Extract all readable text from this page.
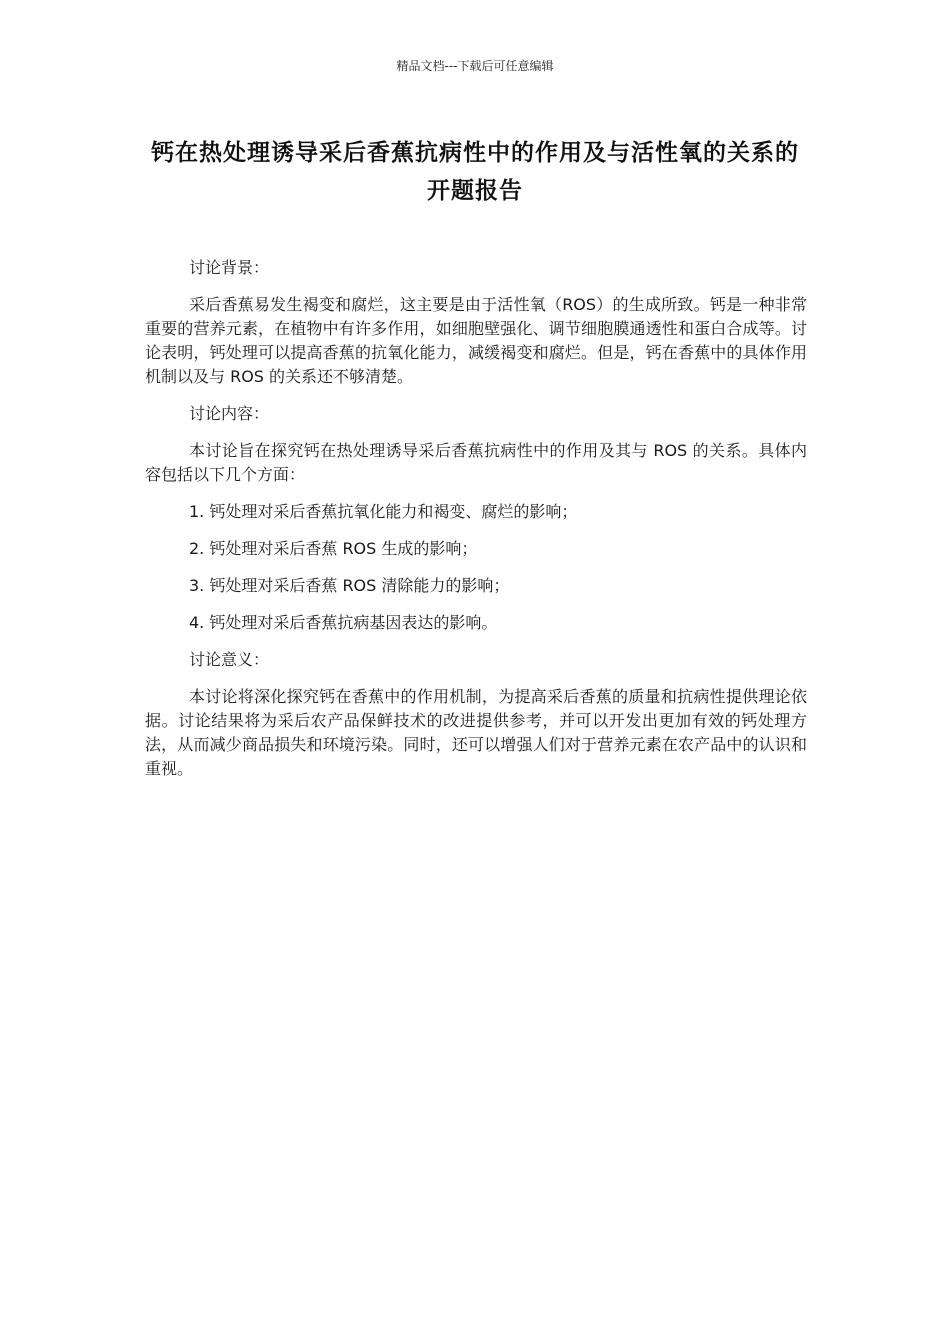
精品文档---下载后可任意编辑
钙在热处理诱导采后香蕉抗病性中的作用及与活性氧的关系的开题报告

讨论背景：

采后香蕉易发生褐变和腐烂，这主要是由于活性氧（ROS）的生成所致。钙是一种非常重要的营养元素，在植物中有许多作用，如细胞壁强化、调节细胞膜通透性和蛋白合成等。讨论表明，钙处理可以提高香蕉的抗氧化能力，减缓褐变和腐烂。但是，钙在香蕉中的具体作用机制以及与 ROS 的关系还不够清楚。

讨论内容：

本讨论旨在探究钙在热处理诱导采后香蕉抗病性中的作用及其与 ROS 的关系。具体内容包括以下几个方面：

1. 钙处理对采后香蕉抗氧化能力和褐变、腐烂的影响；

2. 钙处理对采后香蕉 ROS 生成的影响；

3. 钙处理对采后香蕉 ROS 清除能力的影响；

4. 钙处理对采后香蕉抗病基因表达的影响。

讨论意义：

本讨论将深化探究钙在香蕉中的作用机制，为提高采后香蕉的质量和抗病性提供理论依据。讨论结果将为采后农产品保鲜技术的改进提供参考，并可以开发出更加有效的钙处理方法，从而减少商品损失和环境污染。同时，还可以增强人们对于营养元素在农产品中的认识和重视。
